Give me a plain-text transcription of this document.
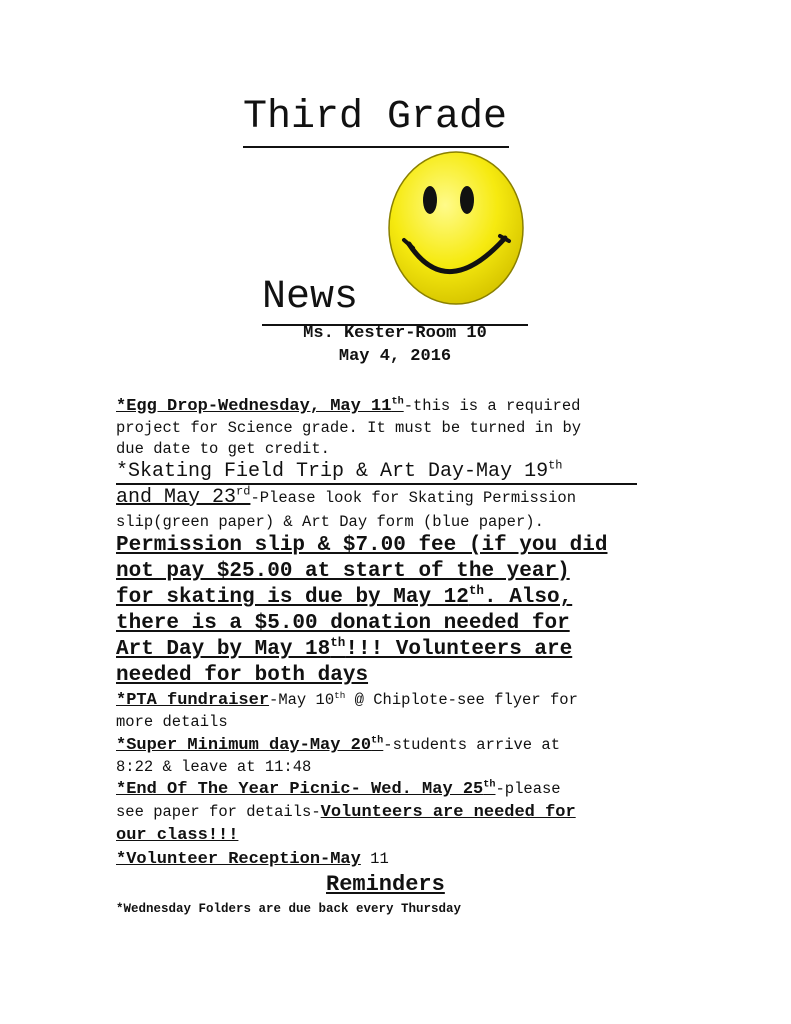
Third Grade
News
Ms. Kester-Room 10
May 4, 2016
*Egg Drop-Wednesday, May 11th-this is a required
project for Science grade. It must be turned in by
due date to get credit.
*Skating Field Trip & Art Day-May 19th
and May 23rd-Please look for Skating Permission
slip(green paper) & Art Day form (blue paper).
Permission slip & $7.00 fee (if you did
not pay $25.00 at start of the year)
for skating is due by May 12th. Also,
there is a $5.00 donation needed for
Art Day by May 18th!!! Volunteers are
needed for both days
*PTA fundraiser-May 10th @ Chiplote-see flyer for
more details
*Super Minimum day-May 20th-students arrive at
8:22 & leave at 11:48
*End Of The Year Picnic- Wed. May 25th-please
see paper for details-Volunteers are needed for
our class!!!
*Volunteer Reception-May 11
Reminders
*Wednesday Folders are due back every Thursday
